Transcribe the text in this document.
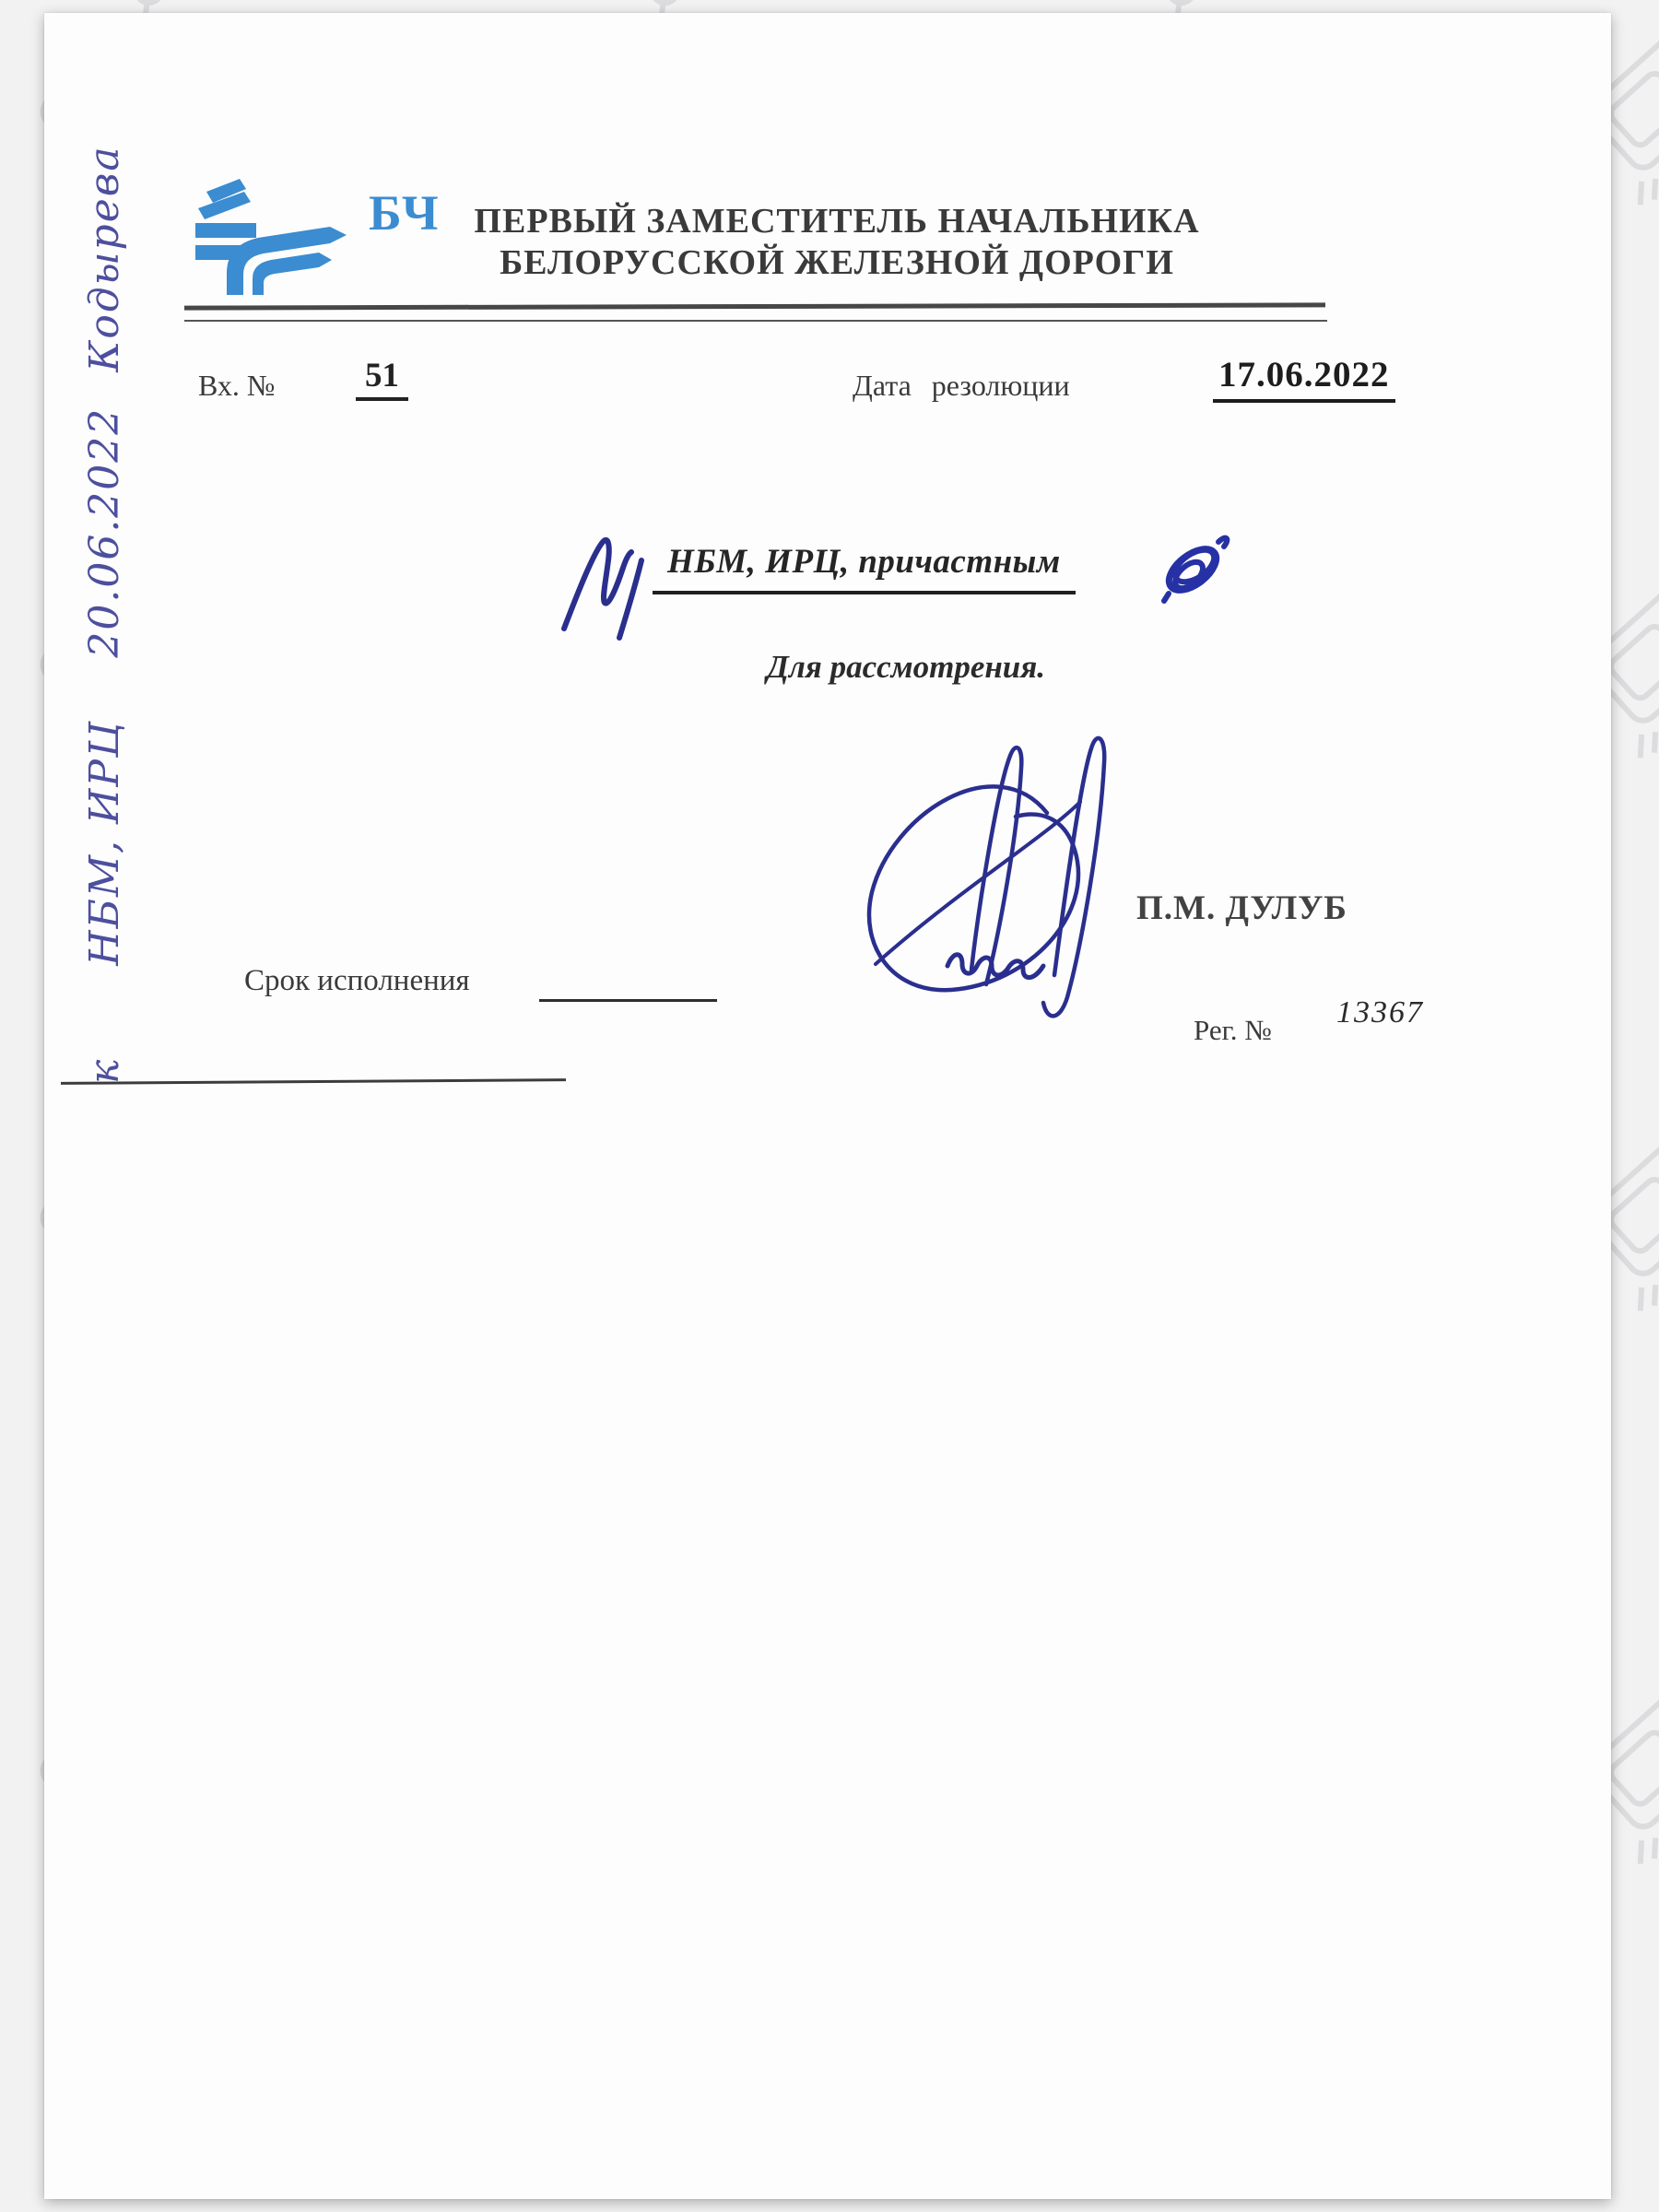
БЧ ПЕРВЫЙ ЗАМЕСТИТЕЛЬ НАЧАЛЬНИКА
БЕЛОРУССКОЙ ЖЕЛЕЗНОЙ ДОРОГИ
Вх. №	51	Дата резолюции	17.06.2022
НБМ, ИРЦ, причастным
Для рассмотрения.
П.М. ДУЛУБ
Срок исполнения
Рег. №
13367
кНБМ, ИРЦ20.06.2022Кодырева
